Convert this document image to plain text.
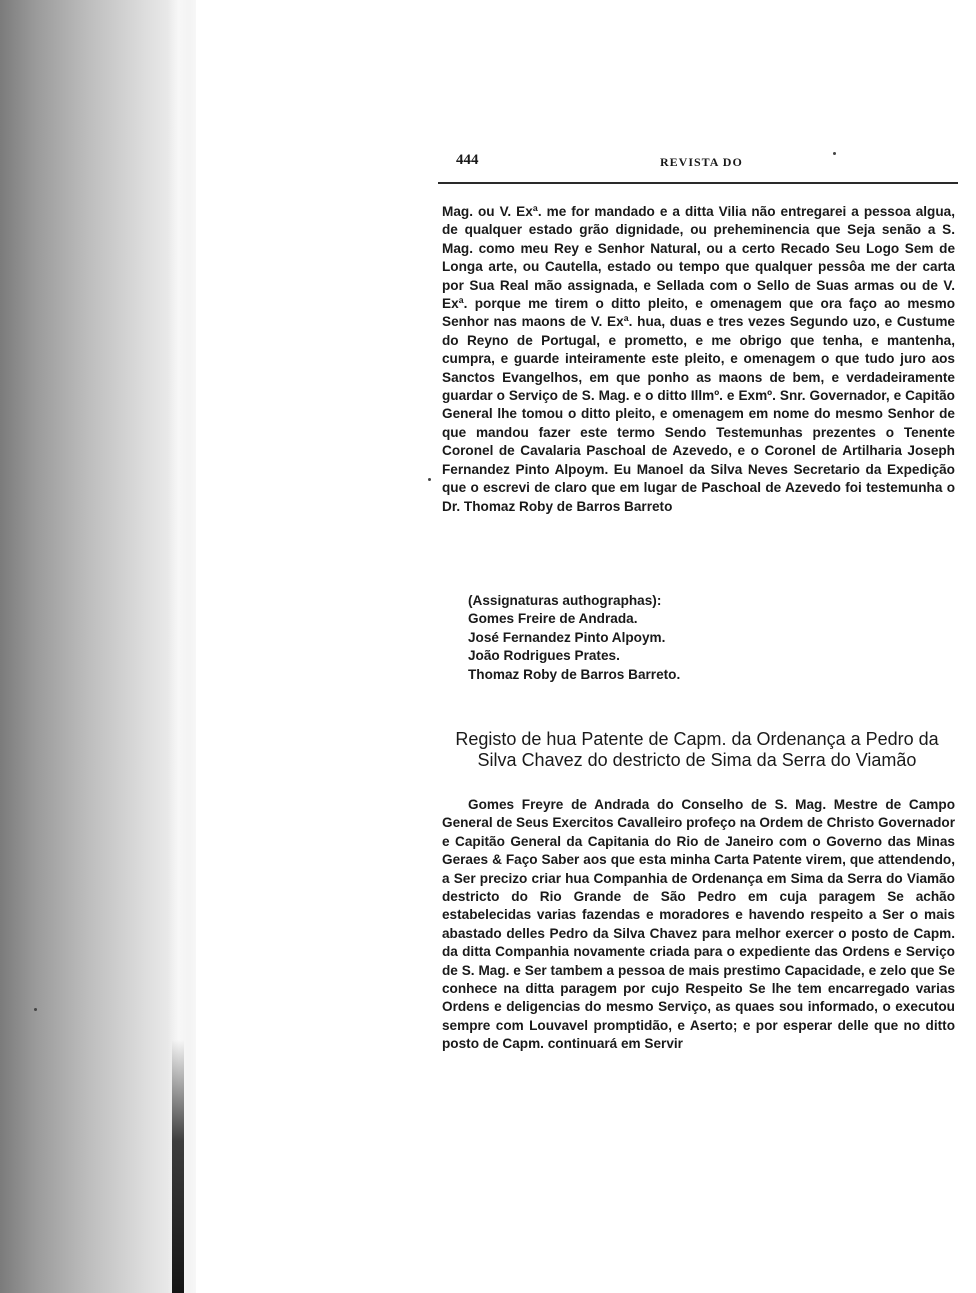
444	REVISTA DO
Mag. ou V. Exª. me for mandado e a ditta Vilia não entregarei a pessoa algua, de qualquer estado grão dignidade, ou preheminencia que Seja senão a S. Mag. como meu Rey e Senhor Natural, ou a certo Recado Seu Logo Sem de Longa arte, ou Cautella, estado ou tempo que qualquer pessôa me der carta por Sua Real mão assignada, e Sellada com o Sello de Suas armas ou de V. Exª. porque me tirem o ditto pleito, e omenagem que ora faço ao mesmo Senhor nas maons de V. Exª. hua, duas e tres vezes Segundo uzo, e Custume do Reyno de Portugal, e prometto, e me obrigo que tenha, e mantenha, cumpra, e guarde inteiramente este pleito, e omenagem o que tudo juro aos Sanctos Evangelhos, em que ponho as maons de bem, e verdadeiramente guardar o Serviço de S. Mag. e o ditto Illmº. e Exmº. Snr. Governador, e Capitão General lhe tomou o ditto pleito, e omenagem em nome do mesmo Senhor de que mandou fazer este termo Sendo Testemunhas prezentes o Tenente Coronel de Cavalaria Paschoal de Azevedo, e o Coronel de Artilharia Joseph Fernandez Pinto Alpoym. Eu Manoel da Silva Neves Secretario da Expedição que o escrevi de claro que em lugar de Paschoal de Azevedo foi testemunha o Dr. Thomaz Roby de Barros Barreto
(Assignaturas authographas):
Gomes Freire de Andrada.
José Fernandez Pinto Alpoym.
João Rodrigues Prates.
Thomaz Roby de Barros Barreto.
Registo de hua Patente de Capm. da Ordenança a Pedro da
Silva Chavez do destricto de Sima da Serra do Viamão
Gomes Freyre de Andrada do Conselho de S. Mag. Mestre de Campo General de Seus Exercitos Cavalleiro profeço na Ordem de Christo Governador e Capitão General da Capitania do Rio de Janeiro com o Governo das Minas Geraes & Faço Saber aos que esta minha Carta Patente virem, que attendendo, a Ser precizo criar hua Companhia de Ordenança em Sima da Serra do Viamão destricto do Rio Grande de São Pedro em cuja paragem Se achão estabelecidas varias fazendas e moradores e havendo respeito a Ser o mais abastado delles Pedro da Silva Chavez para melhor exercer o posto de Capm. da ditta Companhia novamente criada para o expediente das Ordens e Serviço de S. Mag. e Ser tambem a pessoa de mais prestimo Capacidade, e zelo que Se conhece na ditta paragem por cujo Respeito Se lhe tem encarregado varias Ordens e deligencias do mesmo Serviço, as quaes sou informado, o executou sempre com Louvavel promptidão, e Aserto; e por esperar delle que no ditto posto de Capm. continuará em Servir
